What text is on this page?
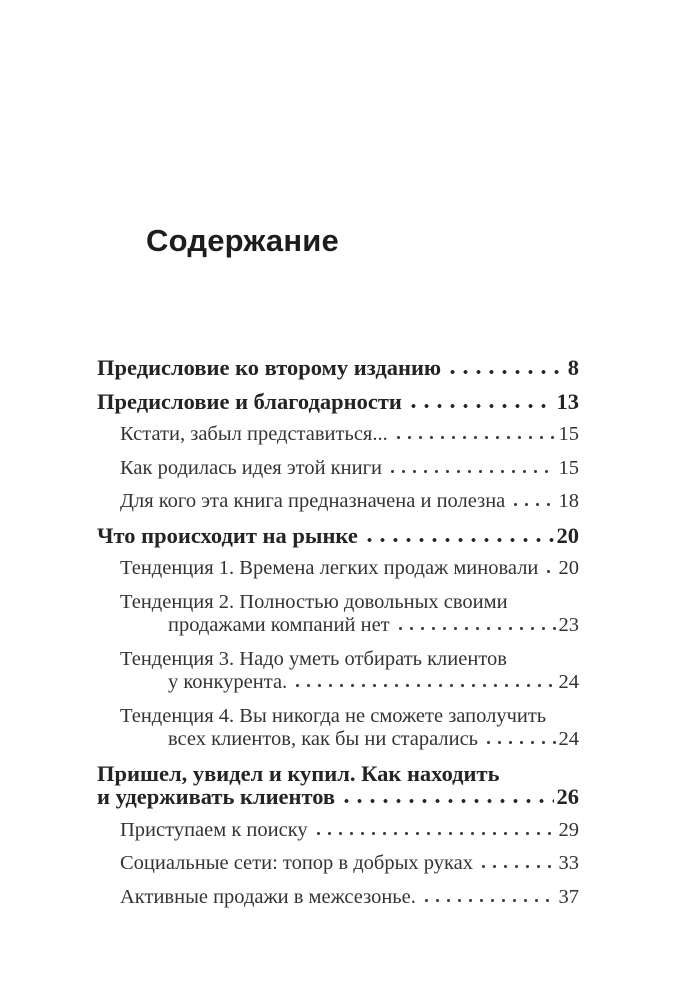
Содержание
Предисловие ко второму изданию	8
Предисловие и благодарности	13
Кстати, забыл представиться...	15
Как родилась идея этой книги	15
Для кого эта книга предназначена и полезна	18
Что происходит на рынке	20
Тенденция 1. Времена легких продаж миновали 20
Тенденция 2. Полностью довольных своими
продажами компаний нет	23
Тенденция 3. Надо уметь отбирать клиентов
у конкурента.	24
Тенденция 4. Вы никогда не сможете заполучить
всех клиентов, как бы ни старались	24
Пришел, увидел и купил. Как находить
и удерживать клиентов	26
Приступаем к поиску	29
Социальные сети: топор в добрых руках	33
Активные продажи в межсезонье.	37
